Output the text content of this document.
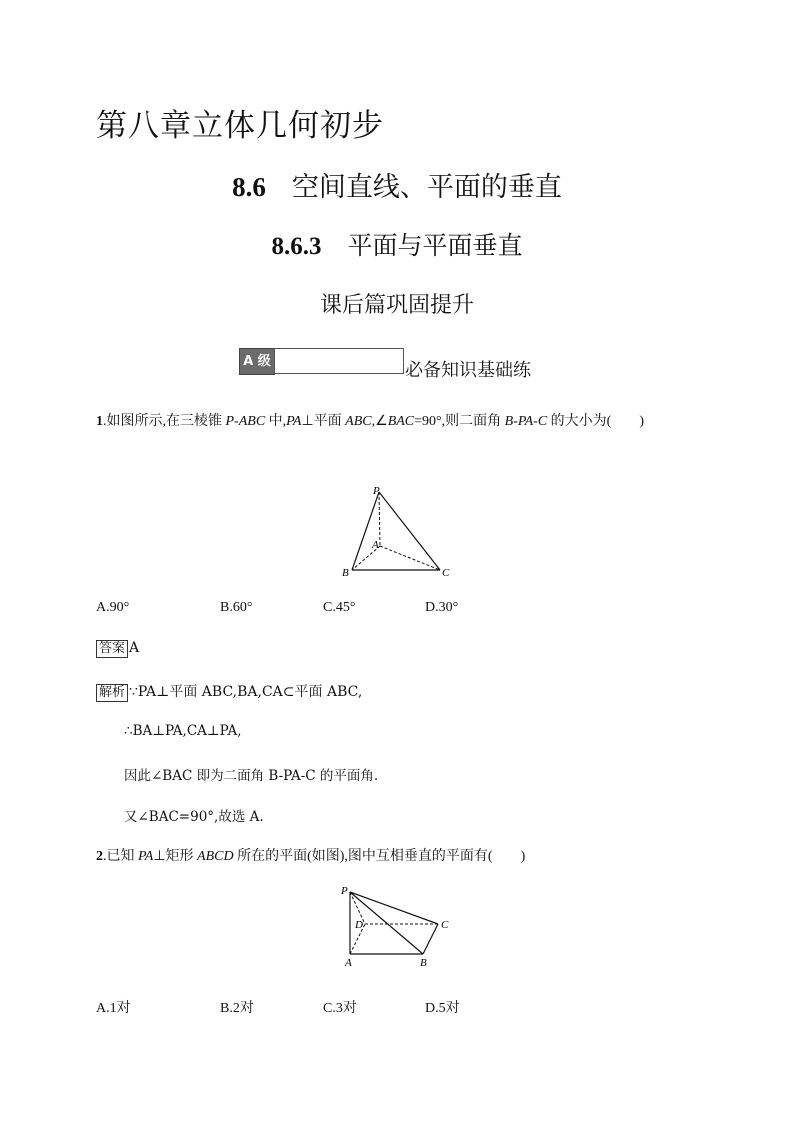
第八章立体几何初步
8.6 空间直线、平面的垂直
8.6.3 平面与平面垂直
课后篇巩固提升
A 级	必备知识基础练
1.如图所示,在三棱锥 P-ABC 中,PA⊥平面 ABC,∠BAC=90°,则二面角 B-PA-C 的大小为(　　)
P
A
B	C
A.90°	B.60°	C.45°	D.30°
答案 A
解析 ∵PA⊥平面 ABC,BA,CA⊂平面 ABC,
∴BA⊥PA,CA⊥PA,
因此∠BAC 即为二面角 B-PA-C 的平面角.
又∠BAC=90°,故选 A.
2.已知 PA⊥矩形 ABCD 所在的平面(如图),图中互相垂直的平面有(　　)
P
D	C
A	B
A.1对	B.2对	C.3对	D.5对
